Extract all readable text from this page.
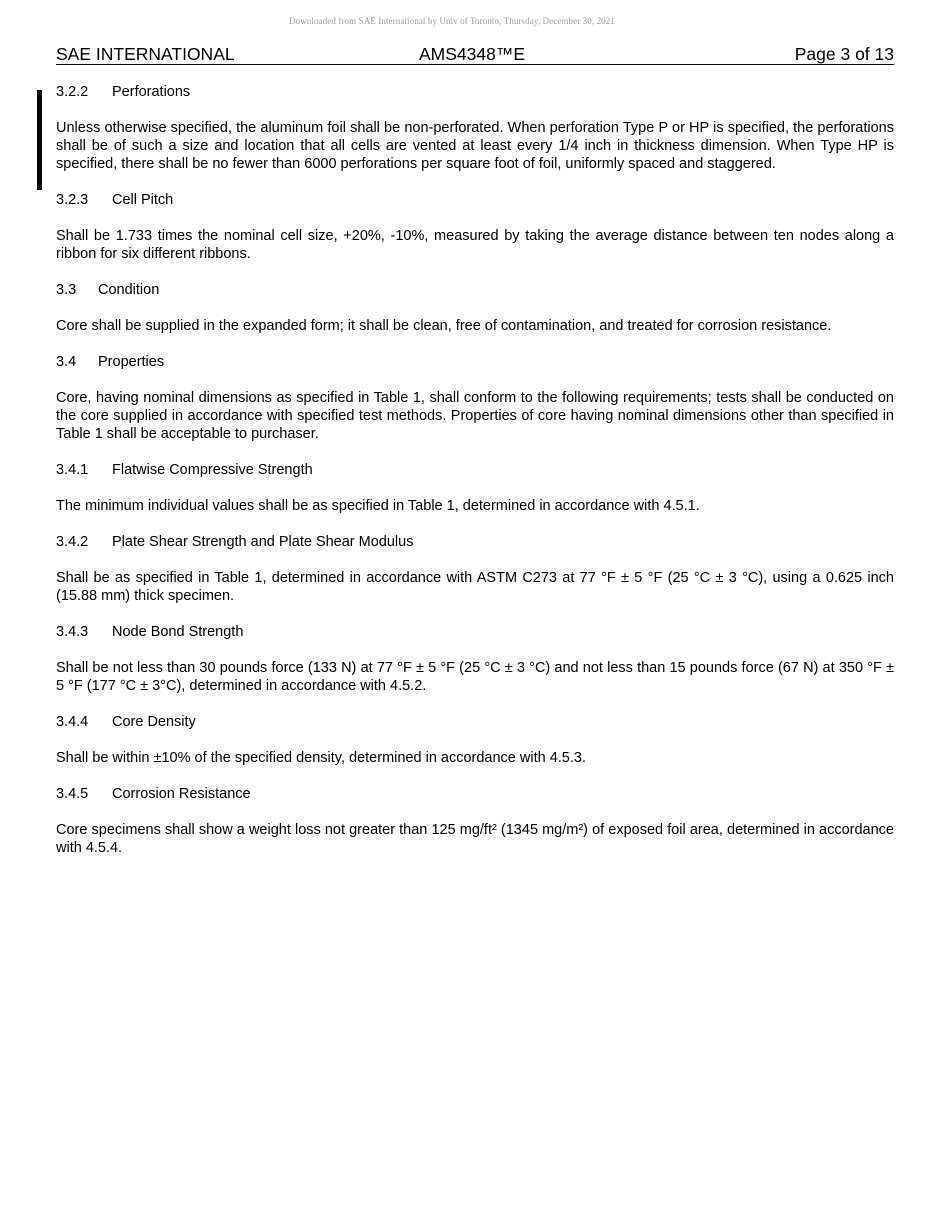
Downloaded from SAE International by Univ of Toronto, Thursday, December 30, 2021
SAE INTERNATIONAL	AMS4348™E	Page 3 of 13
3.2.2 Perforations

Unless otherwise specified, the aluminum foil shall be non-perforated. When perforation Type P or HP is specified, the perforations shall be of such a size and location that all cells are vented at least every 1/4 inch in thickness dimension. When Type HP is specified, there shall be no fewer than 6000 perforations per square foot of foil, uniformly spaced and staggered.

3.2.3 Cell Pitch

Shall be 1.733 times the nominal cell size, +20%, -10%, measured by taking the average distance between ten nodes along a ribbon for six different ribbons.

3.3 Condition

Core shall be supplied in the expanded form; it shall be clean, free of contamination, and treated for corrosion resistance.

3.4 Properties

Core, having nominal dimensions as specified in Table 1, shall conform to the following requirements; tests shall be conducted on the core supplied in accordance with specified test methods. Properties of core having nominal dimensions other than specified in Table 1 shall be acceptable to purchaser.

3.4.1 Flatwise Compressive Strength

The minimum individual values shall be as specified in Table 1, determined in accordance with 4.5.1.

3.4.2 Plate Shear Strength and Plate Shear Modulus

Shall be as specified in Table 1, determined in accordance with ASTM C273 at 77 °F ± 5 °F (25 °C ± 3 °C), using a 0.625 inch (15.88 mm) thick specimen.

3.4.3 Node Bond Strength

Shall be not less than 30 pounds force (133 N) at 77 °F ± 5 °F (25 °C ± 3 °C) and not less than 15 pounds force (67 N) at 350 °F ± 5 °F (177 °C ± 3°C), determined in accordance with 4.5.2.

3.4.4 Core Density

Shall be within ±10% of the specified density, determined in accordance with 4.5.3.

3.4.5 Corrosion Resistance

Core specimens shall show a weight loss not greater than 125 mg/ft² (1345 mg/m²) of exposed foil area, determined in accordance with 4.5.4.
